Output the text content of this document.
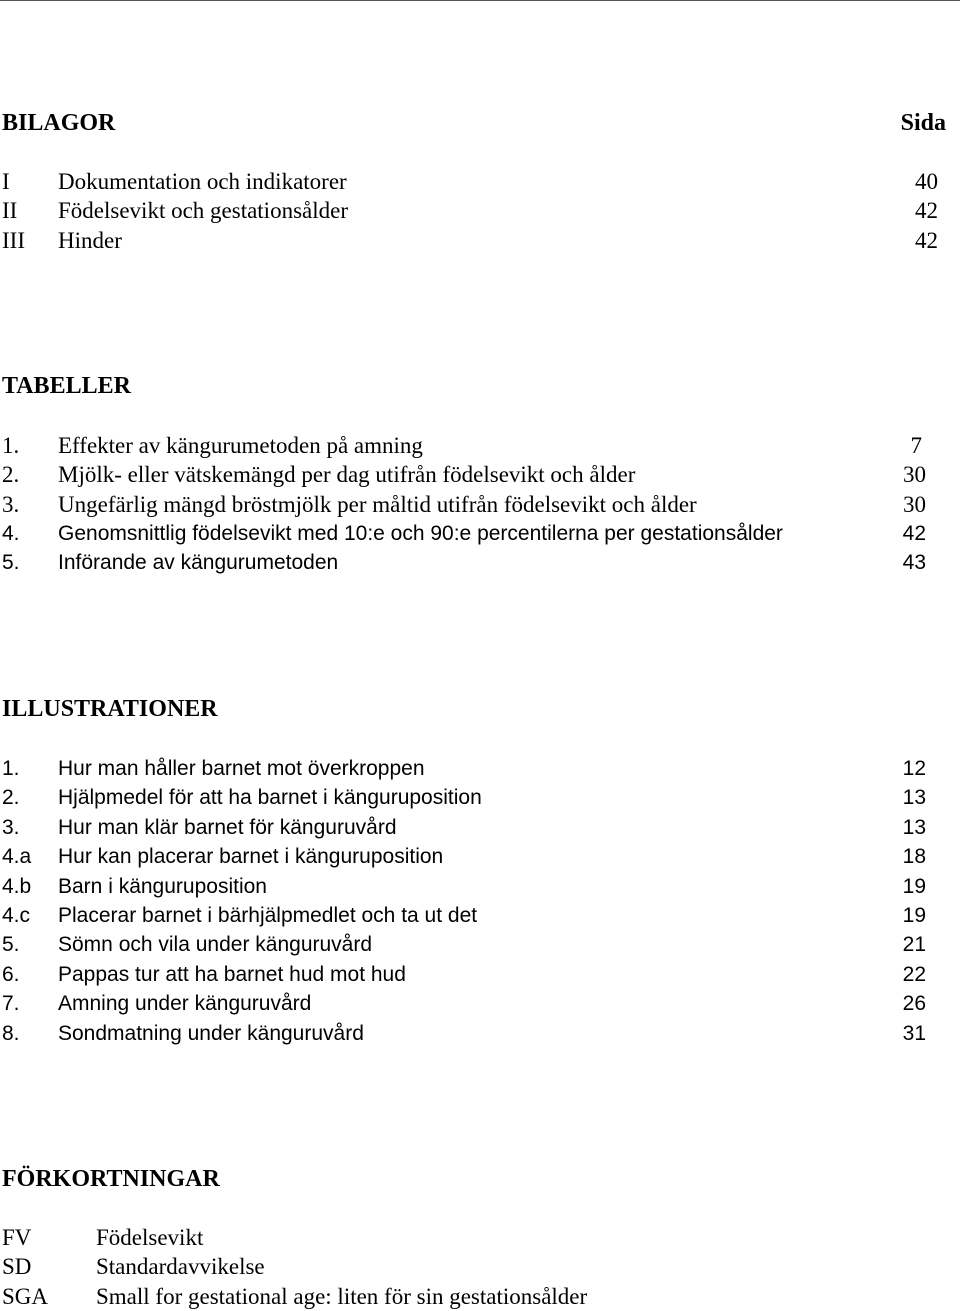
BILAGOR	Sida
I Dokumentation och indikatorer	40
II Födelsevikt och gestationsålder	42
III Hinder	42
TABELLER
1. Effekter av kängurumetoden på amning	7
2. Mjölk- eller vätskemängd per dag utifrån födelsevikt och ålder	30
3. Ungefärlig mängd bröstmjölk per måltid utifrån födelsevikt och ålder	30
4. Genomsnittlig födelsevikt med 10:e och 90:e percentilerna per gestationsålder	42
5. Införande av kängurumetoden	43
ILLUSTRATIONER
1. Hur man håller barnet mot överkroppen	12
2. Hjälpmedel för att ha barnet i känguruposition	13
3. Hur man klär barnet för känguruvård	13
4.a Hur kan placerar barnet i känguruposition	18
4.b Barn i känguruposition	19
4.c Placerar barnet i bärhjälpmedlet och ta ut det	19
5. Sömn och vila under känguruvård	21
6. Pappas tur att ha barnet hud mot hud	22
7. Amning under känguruvård	26
8. Sondmatning under känguruvård	31
FÖRKORTNINGAR
FV	Födelsevikt
SD	Standardavvikelse
SGA Small for gestational age: liten för sin gestationsålder
